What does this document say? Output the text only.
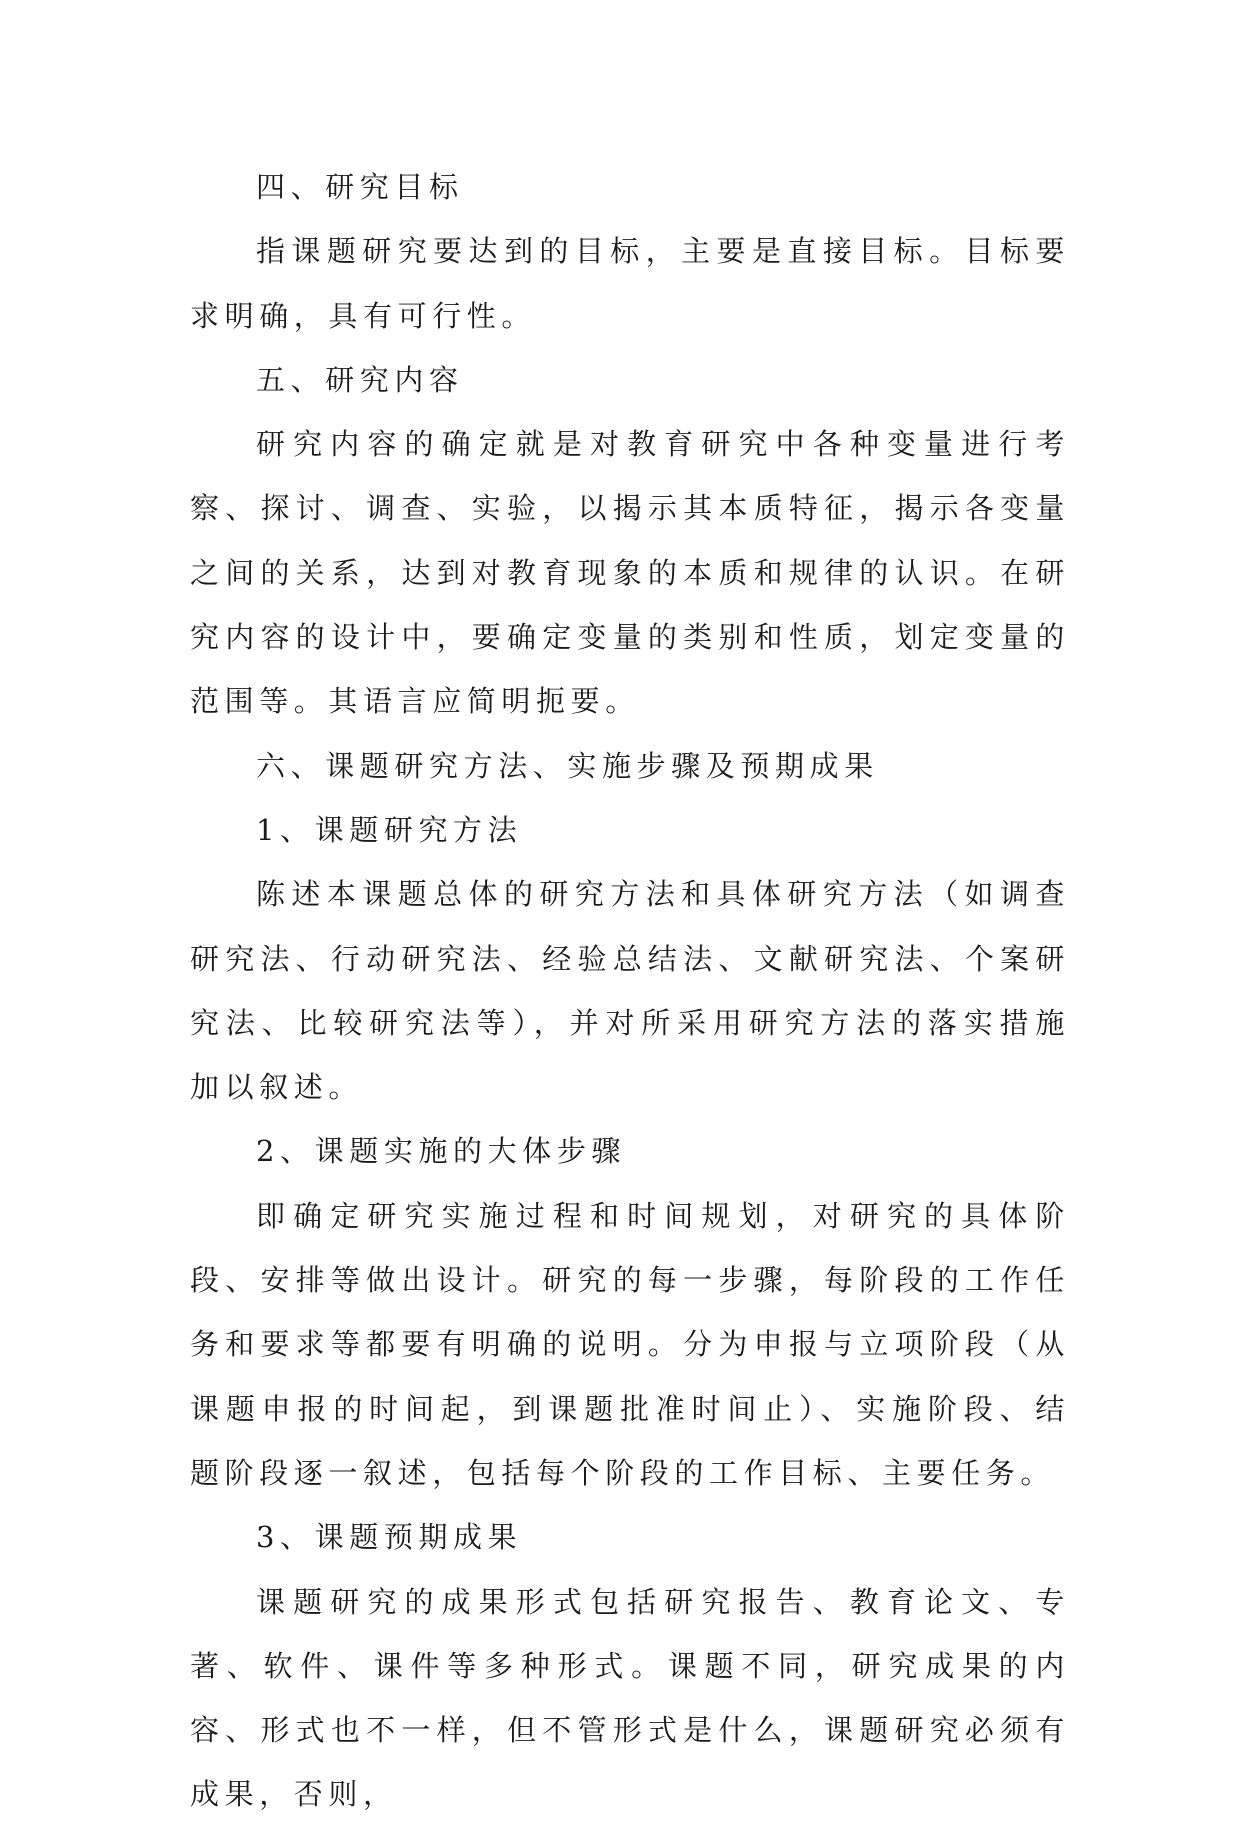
四、研究目标

指课题研究要达到的目标，主要是直接目标。目标要求明确，具有可行性。

五、研究内容

研究内容的确定就是对教育研究中各种变量进行考察、探讨、调查、实验，以揭示其本质特征，揭示各变量之间的关系，达到对教育现象的本质和规律的认识。在研究内容的设计中，要确定变量的类别和性质，划定变量的范围等。其语言应简明扼要。

六、课题研究方法、实施步骤及预期成果

1、课题研究方法

陈述本课题总体的研究方法和具体研究方法（如调查研究法、行动研究法、经验总结法、文献研究法、个案研究法、比较研究法等），并对所采用研究方法的落实措施加以叙述。

2、课题实施的大体步骤

即确定研究实施过程和时间规划，对研究的具体阶段、安排等做出设计。研究的每一步骤，每阶段的工作任务和要求等都要有明确的说明。分为申报与立项阶段（从课题申报的时间起，到课题批准时间止）、实施阶段、结题阶段逐一叙述，包括每个阶段的工作目标、主要任务。

3、课题预期成果

课题研究的成果形式包括研究报告、教育论文、专著、软件、课件等多种形式。课题不同，研究成果的内容、形式也不一样，但不管形式是什么，课题研究必须有成果，否则，
